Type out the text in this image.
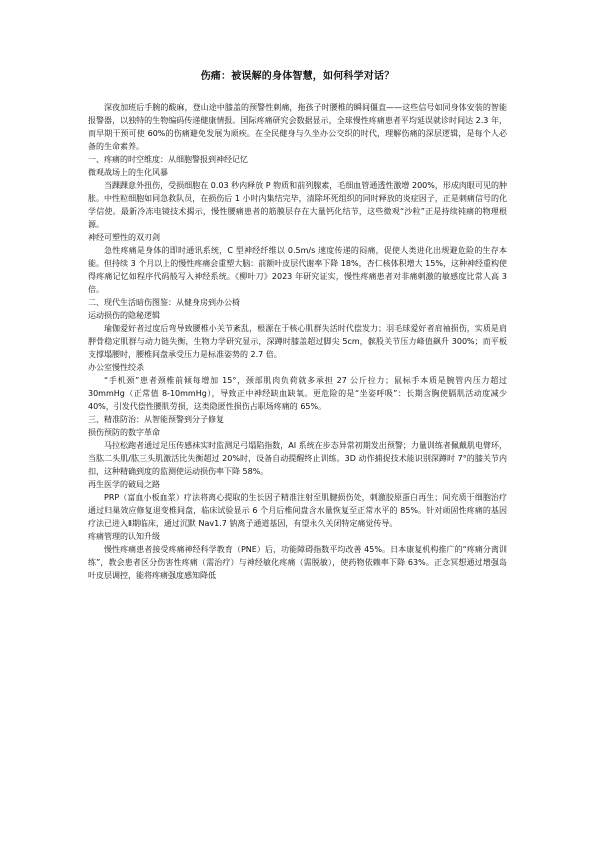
伤痛：被误解的身体智慧，如何科学对话？

深夜加班后手腕的酸麻，登山途中膝盖的预警性刺痛，拖孩子时腰椎的瞬间僵直——这些信号如同身体安装的智能报警器，以独特的生物编码传递健康情报。国际疼痛研究会数据显示，全球慢性疼痛患者平均延误就诊时间达 2.3 年，而早期干预可使 60%的伤痛避免发展为顽疾。在全民健身与久坐办公交织的时代，理解伤痛的深层逻辑，是每个人必备的生命素养。

一、疼痛的时空维度：从细胞警报到神经记忆
微观战场上的生化风暴

当踝踝意外扭伤，受损细胞在 0.03 秒内释放 P 物质和前列腺素，毛细血管通透性激增 200%，形成肉眼可见的肿胀。中性粒细胞如同急救队员，在损伤后 1 小时内集结完毕，清除坏死组织的同时释放的炎症因子，正是刺痛信号的化学信使。最新冷冻电镜技术揭示，慢性腰痛患者的筋膜层存在大量钙化结节，这些微观“沙粒”正是持续钝痛的物理根源。

神经可塑性的双刃剑

急性疼痛是身体的即时通讯系统，C 型神经纤维以 0.5m/s 速度传递的闷痛，促使人类进化出规避危险的生存本能。但持续 3 个月以上的慢性疼痛会重塑大脑：前额叶皮层代谢率下降 18%，杏仁核体积增大 15%，这种神经重构使得疼痛记忆如程序代码般写入神经系统。《柳叶刀》2023 年研究证实，慢性疼痛患者对非痛刺激的敏感度比常人高 3 倍。

二、现代生活暗伤图鉴：从健身房到办公椅
运动损伤的隐秘逻辑

瑜伽爱好者过度后弯导致腰椎小关节紊乱，根源在于核心肌群失活时代偿发力；羽毛球爱好者肩袖损伤，实质是肩胛骨稳定肌群与动力链失衡，生物力学研究显示，深蹲时膝盖超过脚尖 5cm，髌股关节压力峰值飙升 300%；而平板支撑塌腰时，腰椎间盘承受压力是标准姿势的 2.7 倍。

办公室慢性绞杀

“手机颈”患者颈椎前倾每增加 15°，颈部肌肉负荷就多承担 27 公斤拉力；鼠标手本质是腕管内压力超过 30mmHg（正常值 8-10mmHg），导致正中神经缺血缺氧。更危险的是“坐姿呼吸”：长期含胸使膈肌活动度减少 40%，引发代偿性腰肌劳损，这类隐匿性损伤占职场疼痛的 65%。

三、精准防治：从智能预警到分子修复
损伤预防的数字革命

马拉松跑者通过足压传感袜实时监测足弓塌陷指数，AI 系统在步态异常初期发出预警；力量训练者佩戴肌电臂环，当肱二头肌/肱三头肌激活比失衡超过 20%时，设备自动提醒终止训练。3D 动作捕捉技术能识别深蹲时 7°的膝关节内扣，这种精确到度的监测使运动损伤率下降 58%。

再生医学的破局之路

PRP（富血小板血浆）疗法将离心提取的生长因子精准注射至肌腱损伤处，刺激胶原蛋白再生；间充质干细胞治疗通过归巢效应修复退变椎间盘，临床试验显示 6 个月后椎间盘含水量恢复至正常水平的 85%。针对顽固性疼痛的基因疗法已进入Ⅱ期临床，通过沉默 Nav1.7 钠离子通道基因，有望永久关闭特定痛觉传导。

疼痛管理的认知升级

慢性疼痛患者接受疼痛神经科学教育（PNE）后，功能障碍指数平均改善 45%。日本康复机构推广的“疼痛分离训练”，教会患者区分伤害性疼痛（需治疗）与神经敏化疼痛（需脱敏），使药物依赖率下降 63%。正念冥想通过增强岛叶皮层调控，能将疼痛强度感知降低
